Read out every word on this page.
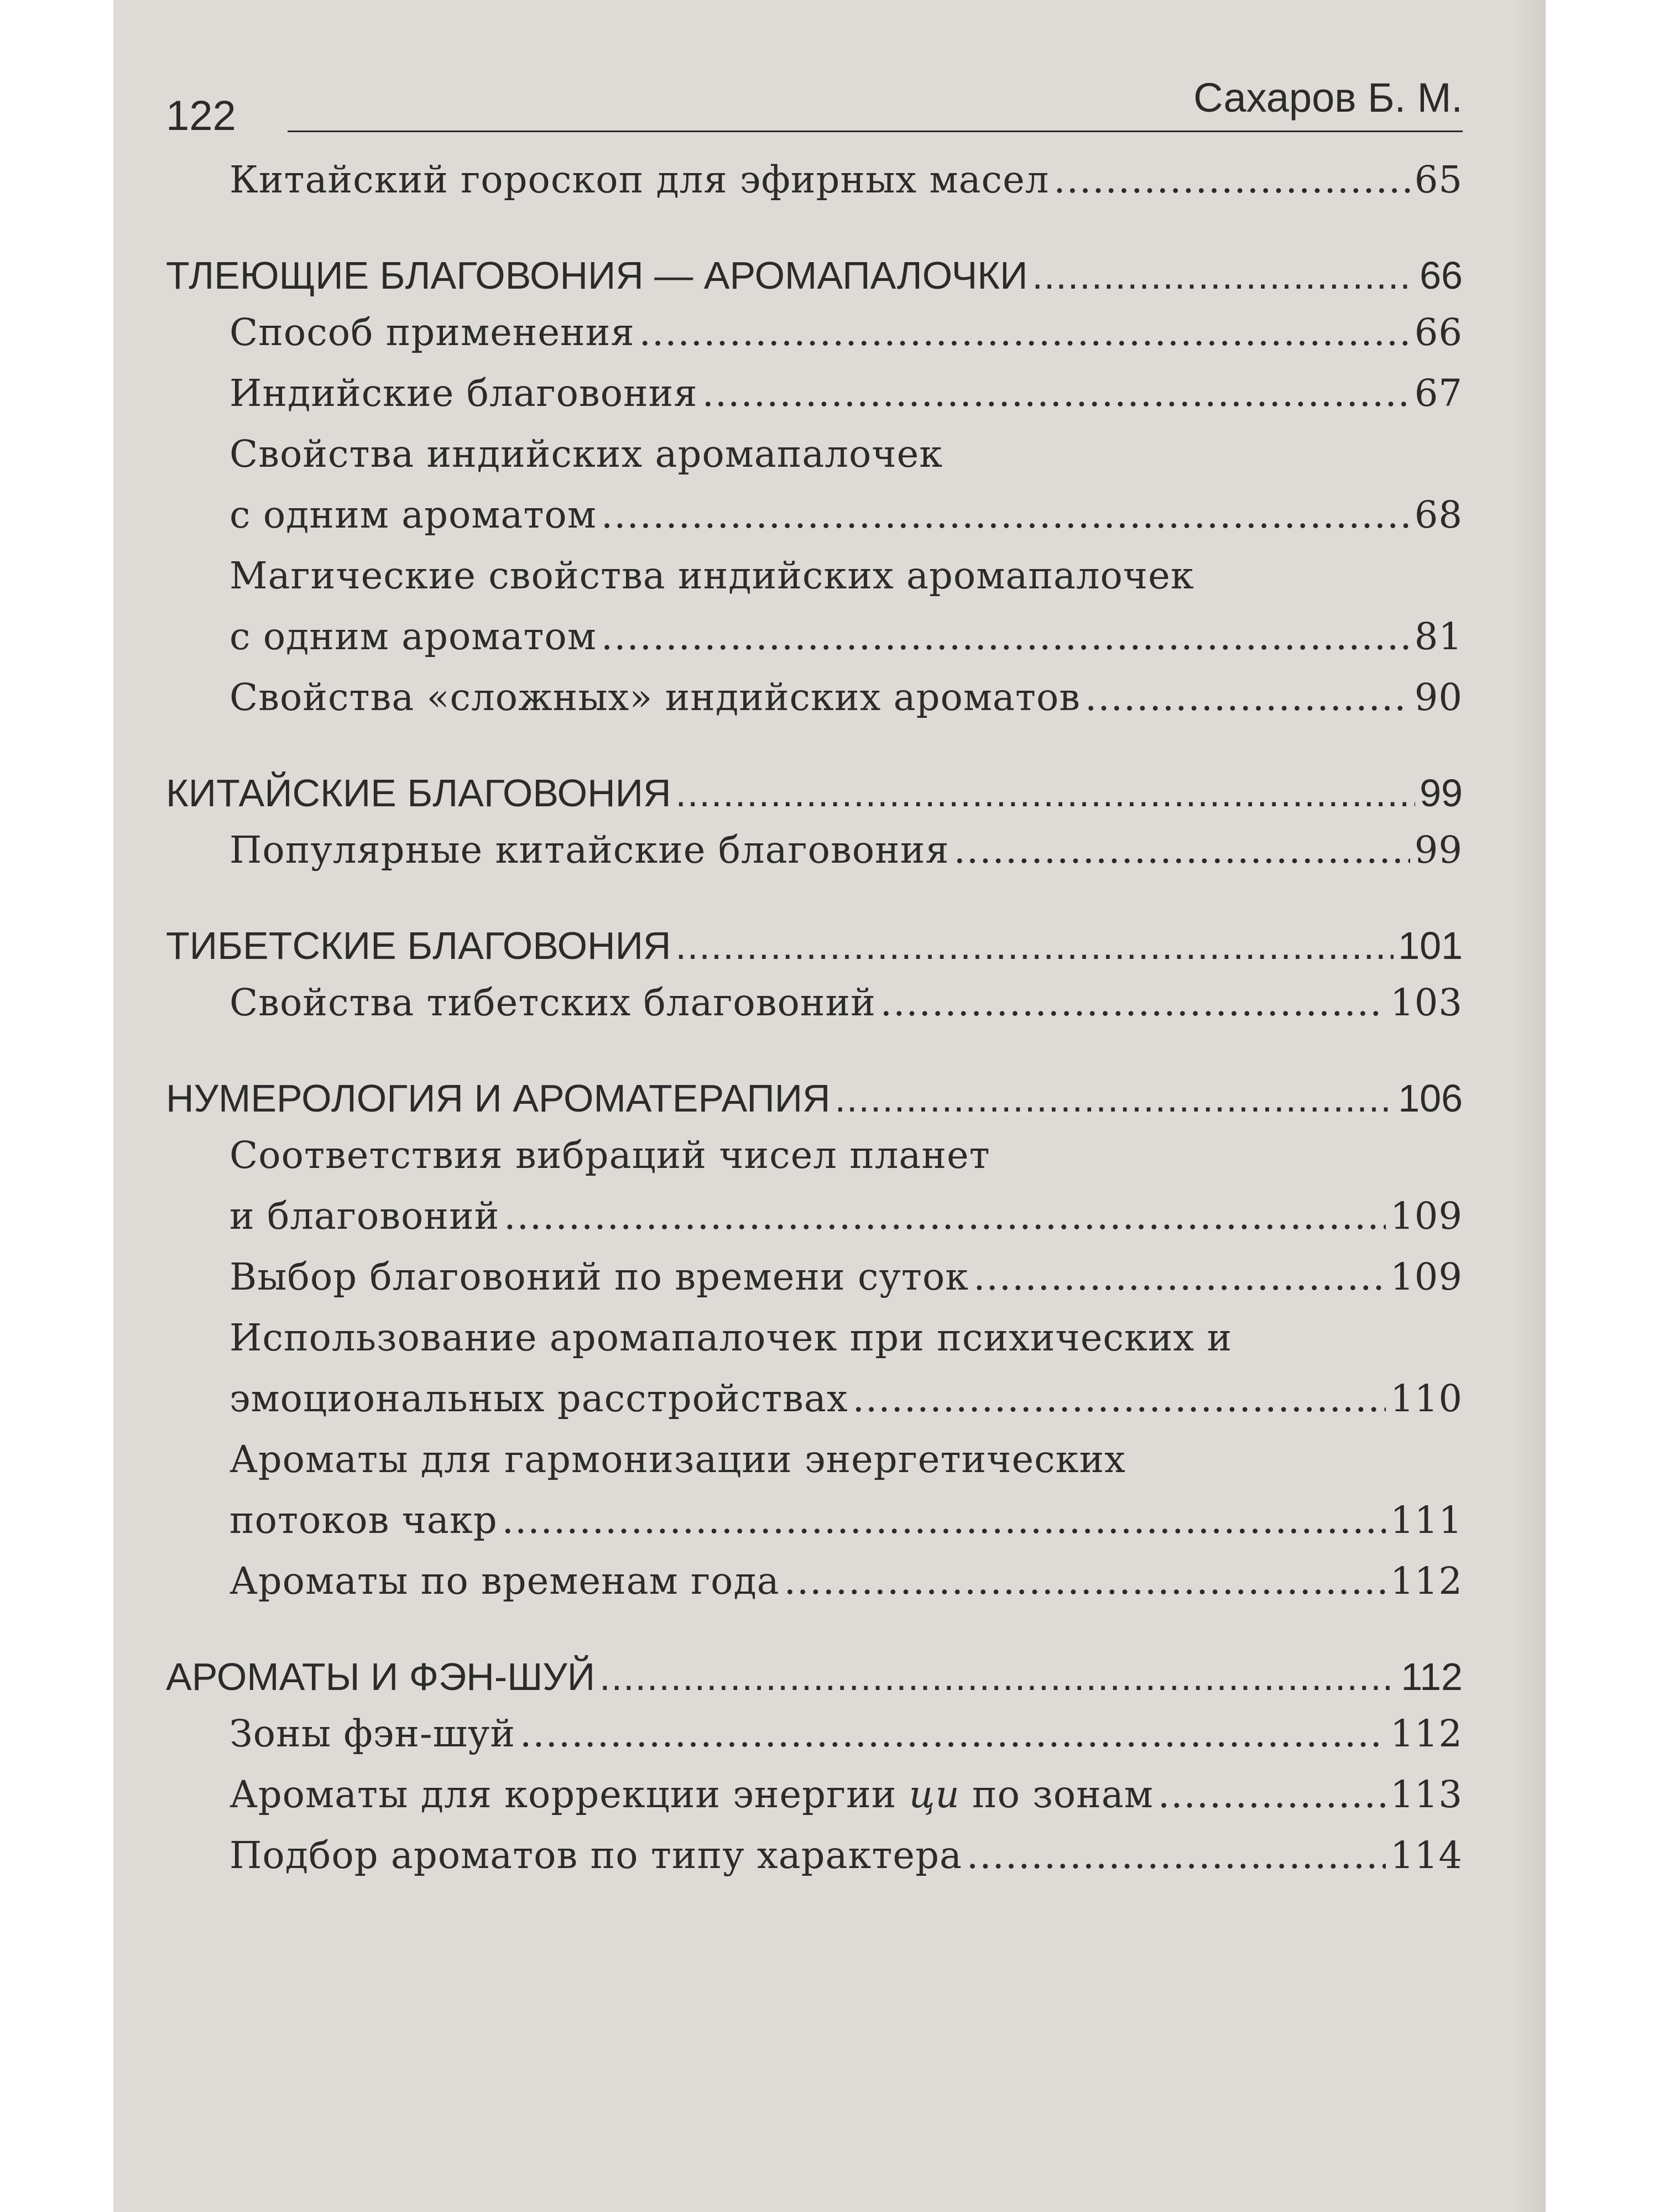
122	Сахаров Б. М.
Китайский гороскоп для эфирных масел .....	65
ТЛЕЮЩИЕ БЛАГОВОНИЯ — АРОМАПАЛОЧКИ .....	66
Способ применения .....	66
Индийские благовония .....	67
Свойства индийских аромапалочек
с одним ароматом .....	68
Магические свойства индийских аромапалочек
с одним ароматом .....	81
Свойства «сложных» индийских ароматов .....	90
КИТАЙСКИЕ БЛАГОВОНИЯ .....	99
Популярные китайские благовония .....	99
ТИБЕТСКИЕ БЛАГОВОНИЯ .....	101
Свойства тибетских благовоний .....	103
НУМЕРОЛОГИЯ И АРОМАТЕРАПИЯ .....	106
Соответствия вибраций чисел планет
и благовоний .....	109
Выбор благовоний по времени суток .....	109
Использование аромапалочек при психических и
эмоциональных расстройствах .....	110
Ароматы для гармонизации энергетических
потоков чакр .....	111
Ароматы по временам года .....	112
АРОМАТЫ И ФЭН-ШУЙ .....	112
Зоны фэн-шуй .....	112
Ароматы для коррекции энергии ци по зонам .....	113
Подбор ароматов по типу характера .....	114
